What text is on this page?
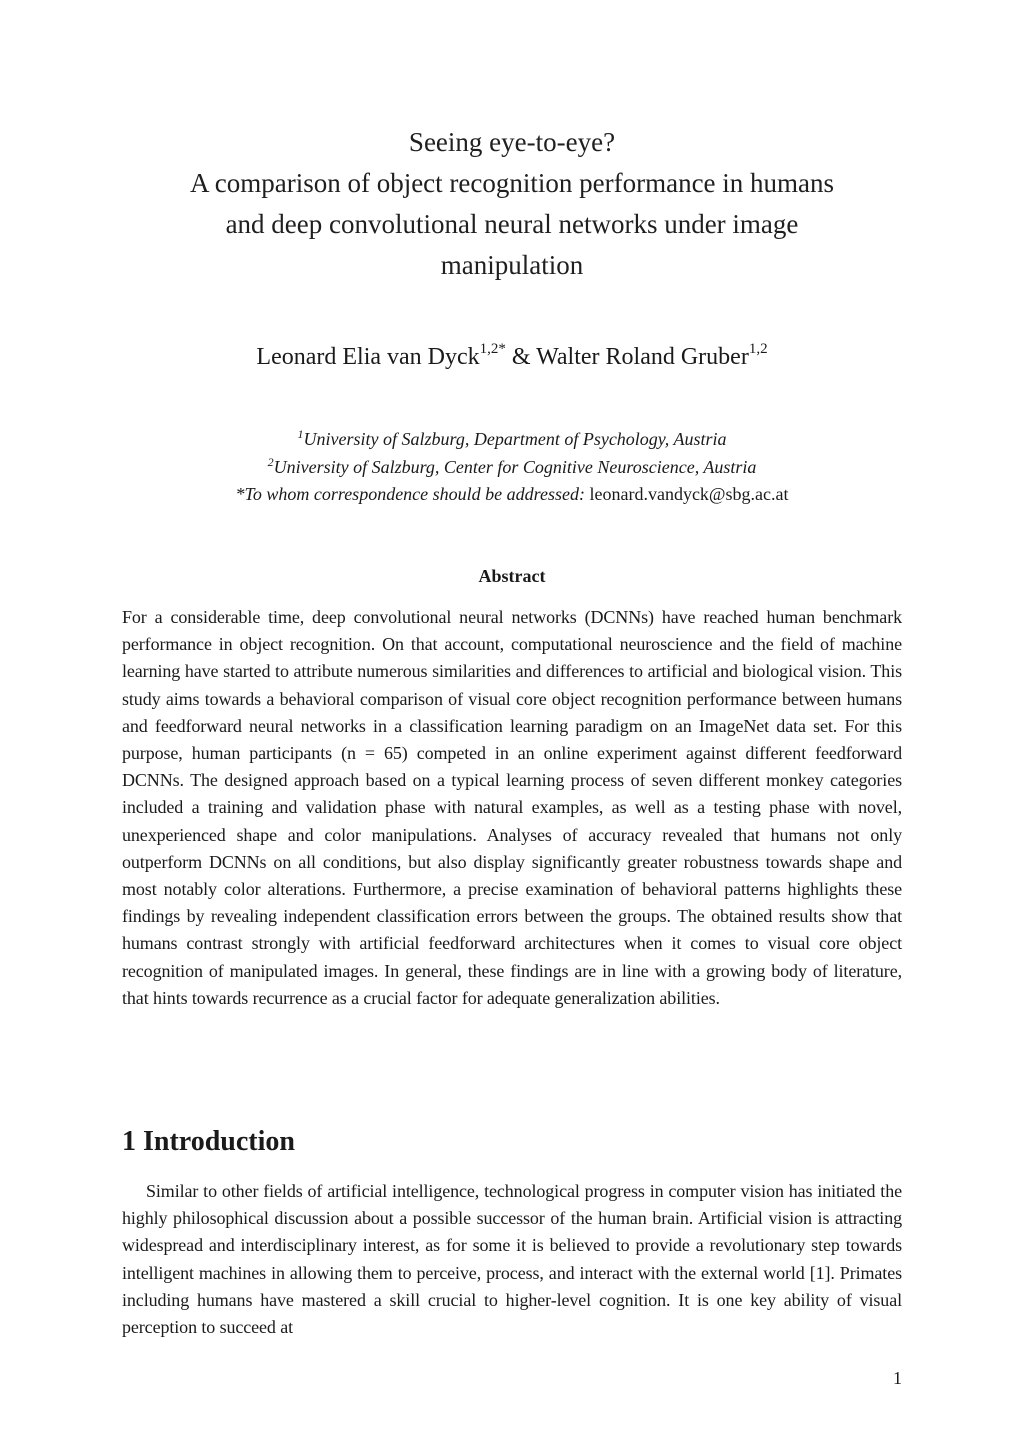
Seeing eye-to-eye?
A comparison of object recognition performance in humans
and deep convolutional neural networks under image
manipulation
Leonard Elia van Dyck$^{1,2*}$ & Walter Roland Gruber$^{1,2}$
$^1$University of Salzburg, Department of Psychology, Austria
$^2$University of Salzburg, Center for Cognitive Neuroscience, Austria
*To whom correspondence should be addressed: leonard.vandyck@sbg.ac.at
Abstract
For a considerable time, deep convolutional neural networks (DCNNs) have reached human benchmark performance in object recognition. On that account, computational neuroscience and the field of machine learning have started to attribute numerous similarities and differences to artificial and biological vision. This study aims towards a behavioral comparison of visual core object recognition performance between humans and feedforward neural networks in a classification learning paradigm on an ImageNet data set. For this purpose, human participants (n = 65) competed in an online experiment against different feedforward DCNNs. The designed approach based on a typical learning process of seven different monkey categories included a training and validation phase with natural examples, as well as a testing phase with novel, unexperienced shape and color manipulations. Analyses of accuracy revealed that humans not only outperform DCNNs on all conditions, but also display significantly greater robustness towards shape and most notably color alterations. Furthermore, a precise examination of behavioral patterns highlights these findings by revealing independent classification errors between the groups. The obtained results show that humans contrast strongly with artificial feedforward architectures when it comes to visual core object recognition of manipulated images. In general, these findings are in line with a growing body of literature, that hints towards recurrence as a crucial factor for adequate generalization abilities.
1 Introduction
Similar to other fields of artificial intelligence, technological progress in computer vision has initiated the highly philosophical discussion about a possible successor of the human brain. Artificial vision is attracting widespread and interdisciplinary interest, as for some it is believed to provide a revolutionary step towards intelligent machines in allowing them to perceive, process, and interact with the external world [1]. Primates including humans have mastered a skill crucial to higher-level cognition. It is one key ability of visual perception to succeed at
1
